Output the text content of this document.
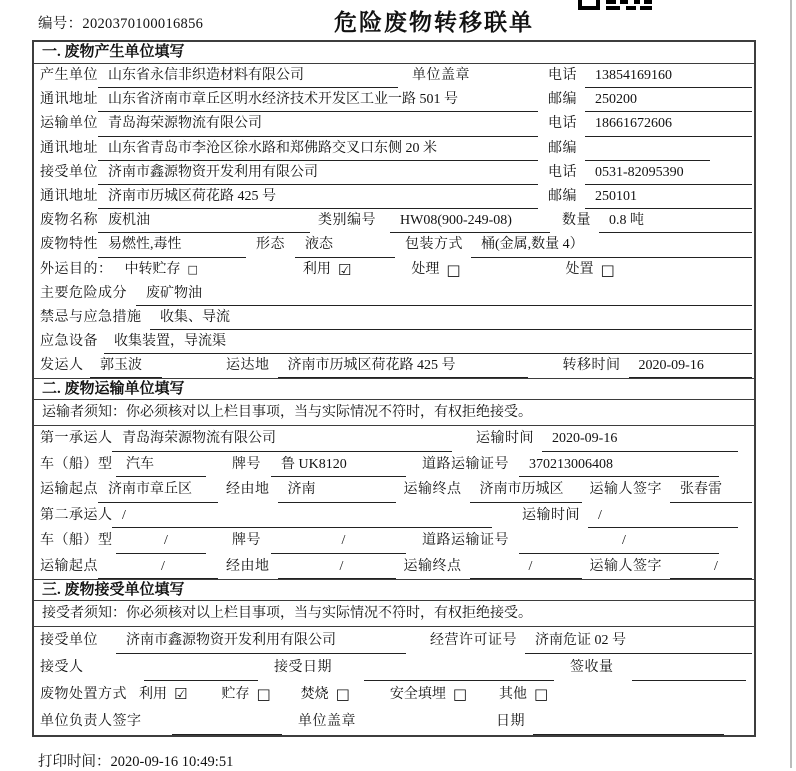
编号：2020370100016856	危险废物转移联单
一. 废物产生单位填写
产生单位 山东省永信非织造材料有限公司	单位盖章	电话	13854169160
通讯地址 山东省济南市章丘区明水经济技术开发区工业一路 501 号	邮编	250200
运输单位 青岛海荣源物流有限公司	电话	18661672606
通讯地址 山东省青岛市李沧区徐水路和郑佛路交叉口东侧 20 米	邮编
接受单位 济南市鑫源物资开发利用有限公司	电话	0531-82095390
通讯地址 济南市历城区荷花路 425 号	邮编	250101
废物名称 废机油	类别编号	HW08(900-249-08)	数量	0.8 吨
废物特性 易燃性,毒性	形态	液态	包装方式	桶(金属,数量 4）
外运目的： 中转贮存 □	利用 ☑	处理 □	处置 □
主要危险成分	废矿物油
禁忌与应急措施	收集、导流
应急设备	收集装置，导流渠
发运人	郭玉波	运达地	济南市历城区荷花路 425 号	转移时间	2020-09-16
二. 废物运输单位填写
运输者须知：你必须核对以上栏目事项，当与实际情况不符时，有权拒绝接受。
第一承运人 青岛海荣源物流有限公司	运输时间	2020-09-16
车（船）型 汽车	牌号	鲁 UK8120	道路运输证号	370213006408
运输起点 济南市章丘区	经由地	济南	运输终点	济南市历城区	运输人签字	张春雷
第二承运人 /	运输时间	/
车（船）型	/	牌号	/	道路运输证号	/
运输起点	/	经由地	/	运输终点	/	运输人签字	/
三. 废物接受单位填写
接受者须知：你必须核对以上栏目事项，当与实际情况不符时，有权拒绝接受。
接受单位	济南市鑫源物资开发利用有限公司	经营许可证号	济南危证 02 号
接受人	接受日期	签收量
废物处置方式 利用 ☑ 贮存 □ 焚烧 □	安全填埋 □ 其他 □
单位负责人签字	单位盖章	日期
打印时间：2020-09-16 10:49:51
